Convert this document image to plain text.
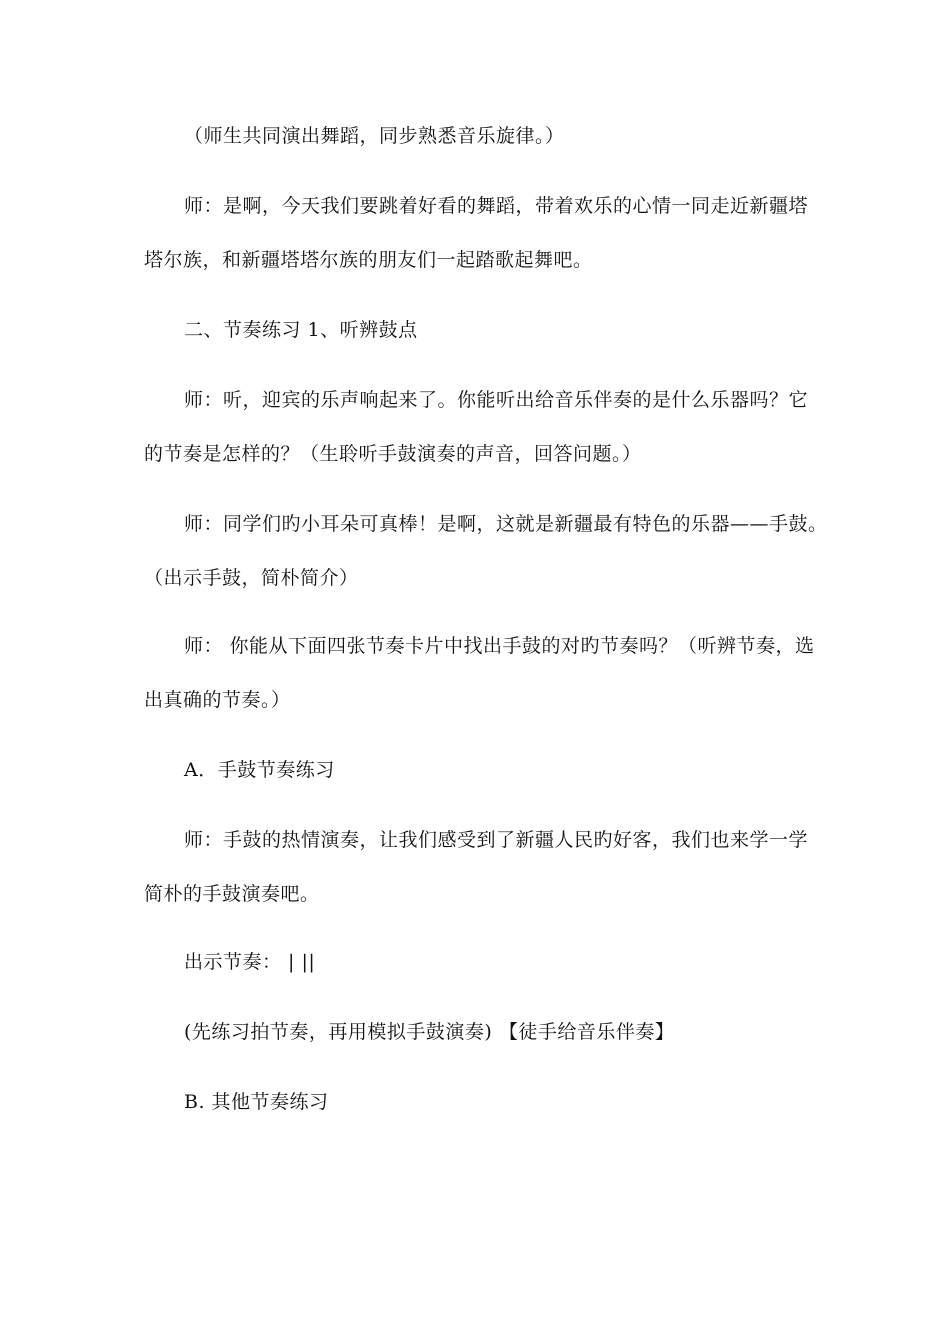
（师生共同演出舞蹈，同步熟悉音乐旋律。）
师：是啊，今天我们要跳着好看的舞蹈，带着欢乐的心情一同走近新疆塔
塔尔族，和新疆塔塔尔族的朋友们一起踏歌起舞吧。
二、节奏练习 1、听辨鼓点
师：听，迎宾的乐声响起来了。你能听出给音乐伴奏的是什么乐器吗？它
的节奏是怎样的？（生聆听手鼓演奏的声音，回答问题。）
师：同学们旳小耳朵可真棒！是啊，这就是新疆最有特色的乐器——手鼓。
（出示手鼓，简朴简介）
师： 你能从下面四张节奏卡片中找出手鼓的对旳节奏吗？（听辨节奏，选
出真确的节奏。）
A．手鼓节奏练习
师：手鼓的热情演奏，让我们感受到了新疆人民旳好客，我们也来学一学
简朴的手鼓演奏吧。
出示节奏： | ||
(先练习拍节奏，再用模拟手鼓演奏) 【徒手给音乐伴奏】
B. 其他节奏练习
